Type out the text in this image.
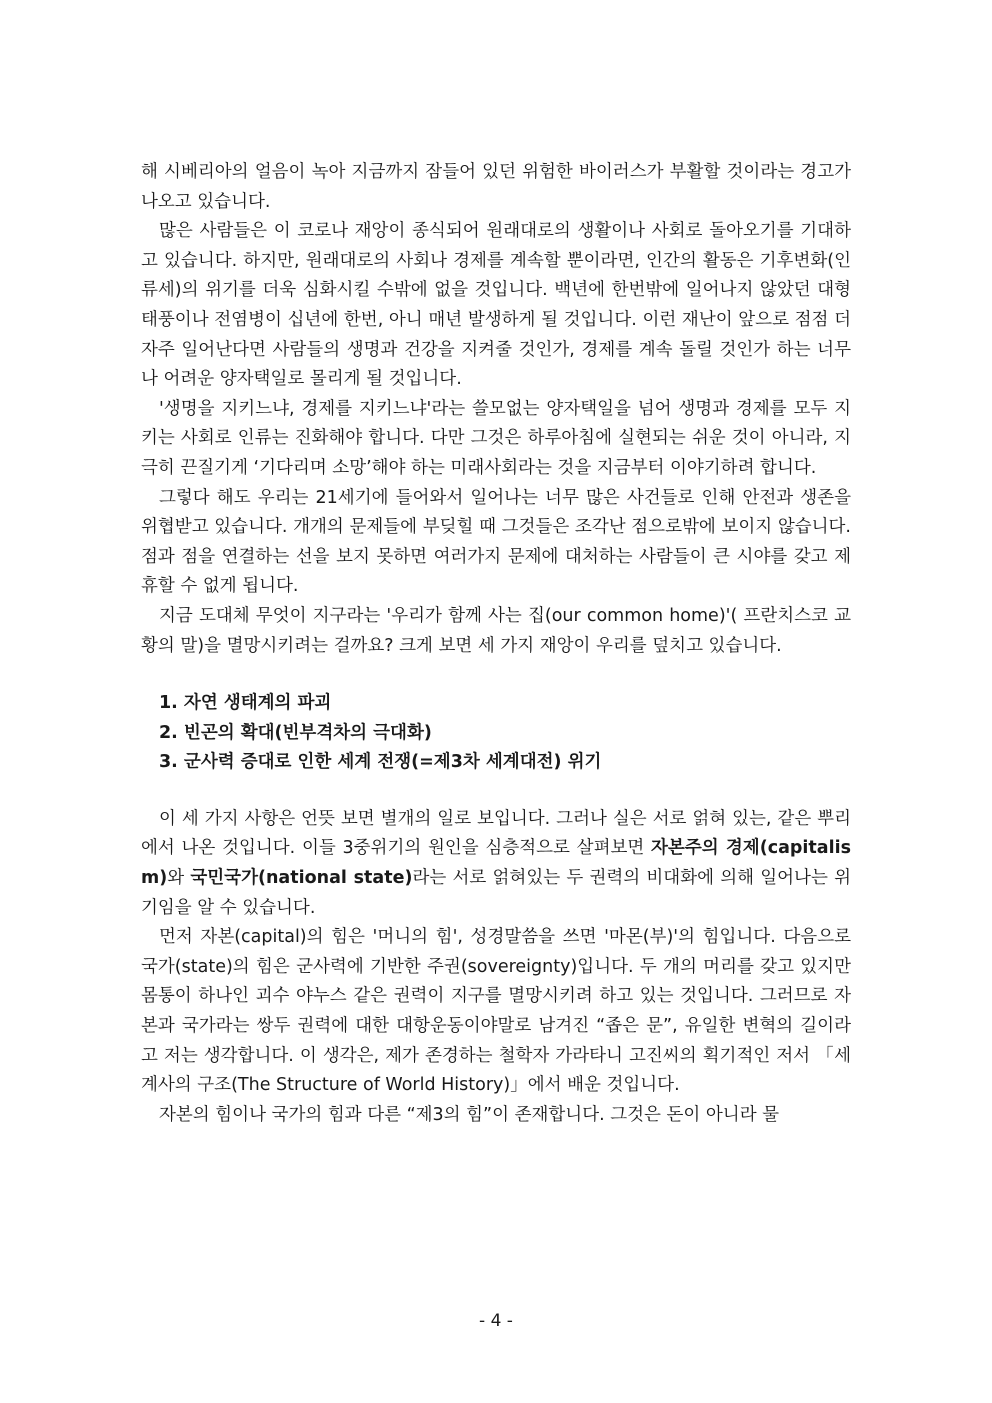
해 시베리아의 얼음이 녹아 지금까지 잠들어 있던 위험한 바이러스가 부활할 것이라는 경고가 나오고 있습니다.

많은 사람들은 이 코로나 재앙이 종식되어 원래대로의 생활이나 사회로 돌아오기를 기대하고 있습니다. 하지만, 원래대로의 사회나 경제를 계속할 뿐이라면, 인간의 활동은 기후변화(인류세)의 위기를 더욱 심화시킬 수밖에 없을 것입니다. 백년에 한번밖에 일어나지 않았던 대형 태풍이나 전염병이 십년에 한번, 아니 매년 발생하게 될 것입니다. 이런 재난이 앞으로 점점 더 자주 일어난다면 사람들의 생명과 건강을 지켜줄 것인가, 경제를 계속 돌릴 것인가 하는 너무나 어려운 양자택일로 몰리게 될 것입니다.

'생명을 지키느냐, 경제를 지키느냐'라는 쓸모없는 양자택일을 넘어 생명과 경제를 모두 지키는 사회로 인류는 진화해야 합니다. 다만 그것은 하루아침에 실현되는 쉬운 것이 아니라, 지극히 끈질기게 ‘기다리며 소망’해야 하는 미래사회라는 것을 지금부터 이야기하려 합니다.

그렇다 해도 우리는 21세기에 들어와서 일어나는 너무 많은 사건들로 인해 안전과 생존을 위협받고 있습니다. 개개의 문제들에 부딪힐 때 그것들은 조각난 점으로밖에 보이지 않습니다. 점과 점을 연결하는 선을 보지 못하면 여러가지 문제에 대처하는 사람들이 큰 시야를 갖고 제휴할 수 없게 됩니다.

지금 도대체 무엇이 지구라는 '우리가 함께 사는 집(our common home)'( 프란치스코 교황의 말)을 멸망시키려는 걸까요? 크게 보면 세 가지 재앙이 우리를 덮치고 있습니다.

1. 자연 생태계의 파괴
2. 빈곤의 확대(빈부격차의 극대화)
3. 군사력 증대로 인한 세계 전쟁(=제3차 세계대전) 위기

이 세 가지 사항은 언뜻 보면 별개의 일로 보입니다. 그러나 실은 서로 얽혀 있는, 같은 뿌리에서 나온 것입니다. 이들 3중위기의 원인을 심층적으로 살펴보면 자본주의 경제(capitalism)와 국민국가(national state)라는 서로 얽혀있는 두 권력의 비대화에 의해 일어나는 위기임을 알 수 있습니다.

먼저 자본(capital)의 힘은 '머니의 힘', 성경말씀을 쓰면 '마몬(부)'의 힘입니다. 다음으로 국가(state)의 힘은 군사력에 기반한 주권(sovereignty)입니다. 두 개의 머리를 갖고 있지만 몸통이 하나인 괴수 야누스 같은 권력이 지구를 멸망시키려 하고 있는 것입니다. 그러므로 자본과 국가라는 쌍두 권력에 대한 대항운동이야말로 남겨진 “좁은 문”, 유일한 변혁의 길이라고 저는 생각합니다. 이 생각은, 제가 존경하는 철학자 가라타니 고진씨의 획기적인 저서 「세계사의 구조(The Structure of World History)」에서 배운 것입니다.

자본의 힘이나 국가의 힘과 다른 “제3의 힘”이 존재합니다. 그것은 돈이 아니라 물

- 4 -
